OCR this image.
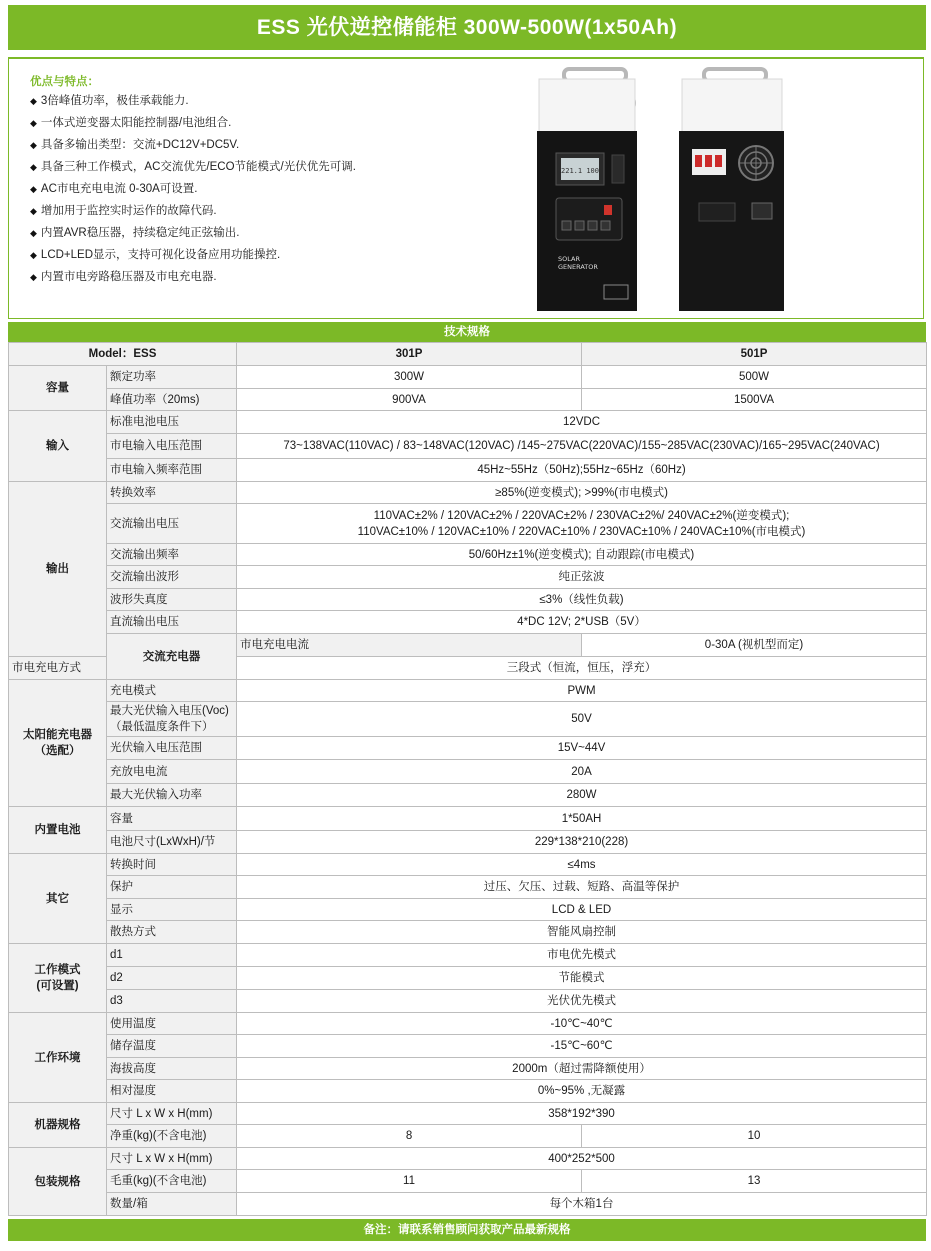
ESS 光伏逆控储能柜 300W-500W(1x50Ah)
优点与特点：
◆ 3倍峰值功率，极佳承载能力.
◆ 一体式逆变器太阳能控制器/电池组合.
◆ 具备多输出类型：交流+DC12V+DC5V.
◆ 具备三种工作模式，AC交流优先/ECO节能模式/光伏优先可调.
◆ AC市电充电电流 0-30A可设置.
◆ 增加用于监控实时运作的故障代码.
◆ 内置AVR稳压器，持续稳定纯正弦输出.
◆ LCD+LED显示，支持可视化设备应用功能操控.
◆ 内置市电旁路稳压器及市电充电器.
221.1 100
SOLAR
GENERATOR
技术规格
Model：ESS		301P	501P
容量	额定功率	300W	500W
	峰值功率（20ms)	900VA	1500VA
输入	标准电池电压	12VDC	
	市电输入电压范围	73~138VAC(110VAC) / 83~148VAC(120VAC) /145~275VAC(220VAC)/155~285VAC(230VAC)/165~295VAC(240VAC)	
	市电输入频率范围	45Hz~55Hz（50Hz);55Hz~65Hz（60Hz)	
输出	转换效率	≥85%(逆变模式); >99%(市电模式)	
	交流输出电压	110VAC±2% / 120VAC±2% / 220VAC±2% / 230VAC±2%/ 240VAC±2%(逆变模式);
110VAC±10% / 120VAC±10% / 220VAC±10% / 230VAC±10% / 240VAC±10%(市电模式)	

	交流输出频率	50/60Hz±1%(逆变模式); 自动跟踪(市电模式)	
	交流输出波形	纯正弦波	
	波形失真度	≤3%（线性负载)	
	直流输出电压	4*DC 12V; 2*USB（5V）	
	交流充电器	市电充电电流	0-30A (视机型而定)
市电充电方式		三段式（恒流，恒压，浮充）	

太阳能充电器
（选配）	充电模式	PWM	

	最大光伏输入电压(Voc)
（最低温度条件下）	50V	
	光伏输入电压范围	15V~44V	
	充放电电流	20A	
	最大光伏输入功率	280W	
内置电池	容量	1*50AH	
	电池尺寸(LxWxH)/节	229*138*210(228)	
其它	转换时间	≤4ms	
	保护	过压、欠压、过载、短路、高温等保护	
	显示	LCD & LED	
	散热方式	智能风扇控制	

工作模式
(可设置)	d1	市电优先模式	
	d2	节能模式	
	d3	光伏优先模式	
工作环境	使用温度	-10℃~40℃	
	储存温度	-15℃~60℃	
	海拔高度	2000m（超过需降额使用）	
	相对湿度	0%~95% ,无凝露	
机器规格	尺寸 L x W x H(mm)	358*192*390	
	净重(kg)(不含电池)	8	10
包装规格	尺寸 L x W x H(mm)	400*252*500	
	毛重(kg)(不含电池)	11	13
	数量/箱	每个木箱1台	
备注：请联系销售顾问获取产品最新规格
